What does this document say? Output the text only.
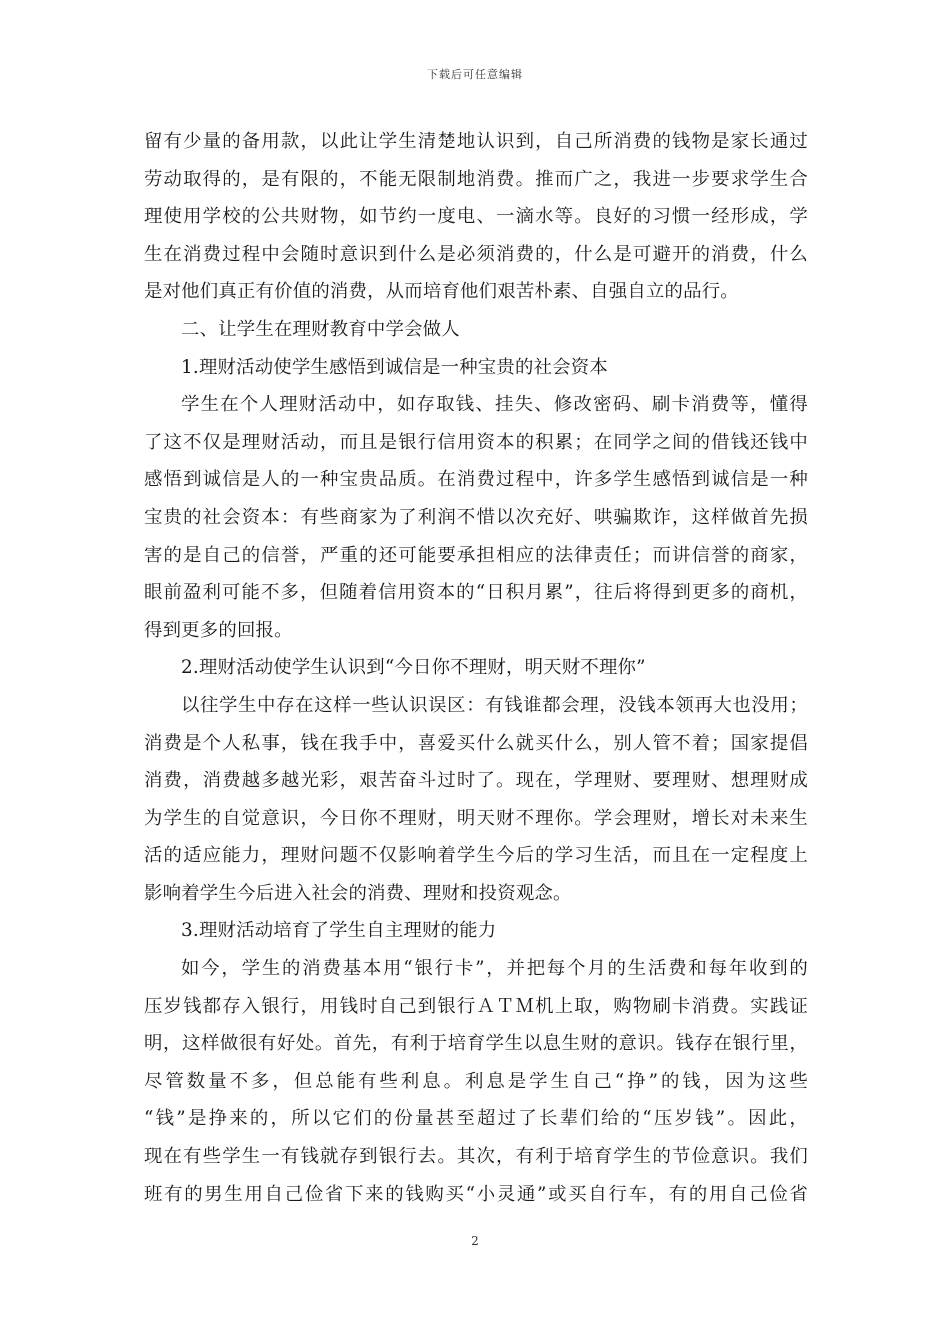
下载后可任意编辑
留有少量的备用款，以此让学生清楚地认识到，自己所消费的钱物是家长通过
劳动取得的，是有限的，不能无限制地消费。推而广之，我进一步要求学生合
理使用学校的公共财物，如节约一度电、一滴水等。良好的习惯一经形成，学
生在消费过程中会随时意识到什么是必须消费的，什么是可避开的消费，什么
是对他们真正有价值的消费，从而培育他们艰苦朴素、自强自立的品行。
二、让学生在理财教育中学会做人
1.理财活动使学生感悟到诚信是一种宝贵的社会资本
学生在个人理财活动中，如存取钱、挂失、修改密码、刷卡消费等，懂得
了这不仅是理财活动，而且是银行信用资本的积累；在同学之间的借钱还钱中
感悟到诚信是人的一种宝贵品质。在消费过程中，许多学生感悟到诚信是一种
宝贵的社会资本：有些商家为了利润不惜以次充好、哄骗欺诈，这样做首先损
害的是自己的信誉，严重的还可能要承担相应的法律责任；而讲信誉的商家，
眼前盈利可能不多，但随着信用资本的“日积月累”，往后将得到更多的商机，
得到更多的回报。
2.理财活动使学生认识到“今日你不理财，明天财不理你”
以往学生中存在这样一些认识误区：有钱谁都会理，没钱本领再大也没用；
消费是个人私事，钱在我手中，喜爱买什么就买什么，别人管不着；国家提倡
消费，消费越多越光彩，艰苦奋斗过时了。现在，学理财、要理财、想理财成
为学生的自觉意识，今日你不理财，明天财不理你。学会理财，增长对未来生
活的适应能力，理财问题不仅影响着学生今后的学习生活，而且在一定程度上
影响着学生今后进入社会的消费、理财和投资观念。
3.理财活动培育了学生自主理财的能力
如今，学生的消费基本用“银行卡”，并把每个月的生活费和每年收到的
压岁钱都存入银行，用钱时自己到银行ＡＴＭ机上取，购物刷卡消费。实践证
明，这样做很有好处。首先，有利于培育学生以息生财的意识。钱存在银行里，
尽管数量不多，但总能有些利息。利息是学生自己“挣”的钱，因为这些
“钱”是挣来的，所以它们的份量甚至超过了长辈们给的“压岁钱”。因此，
现在有些学生一有钱就存到银行去。其次，有利于培育学生的节俭意识。我们
班有的男生用自己俭省下来的钱购买“小灵通”或买自行车，有的用自己俭省
2
